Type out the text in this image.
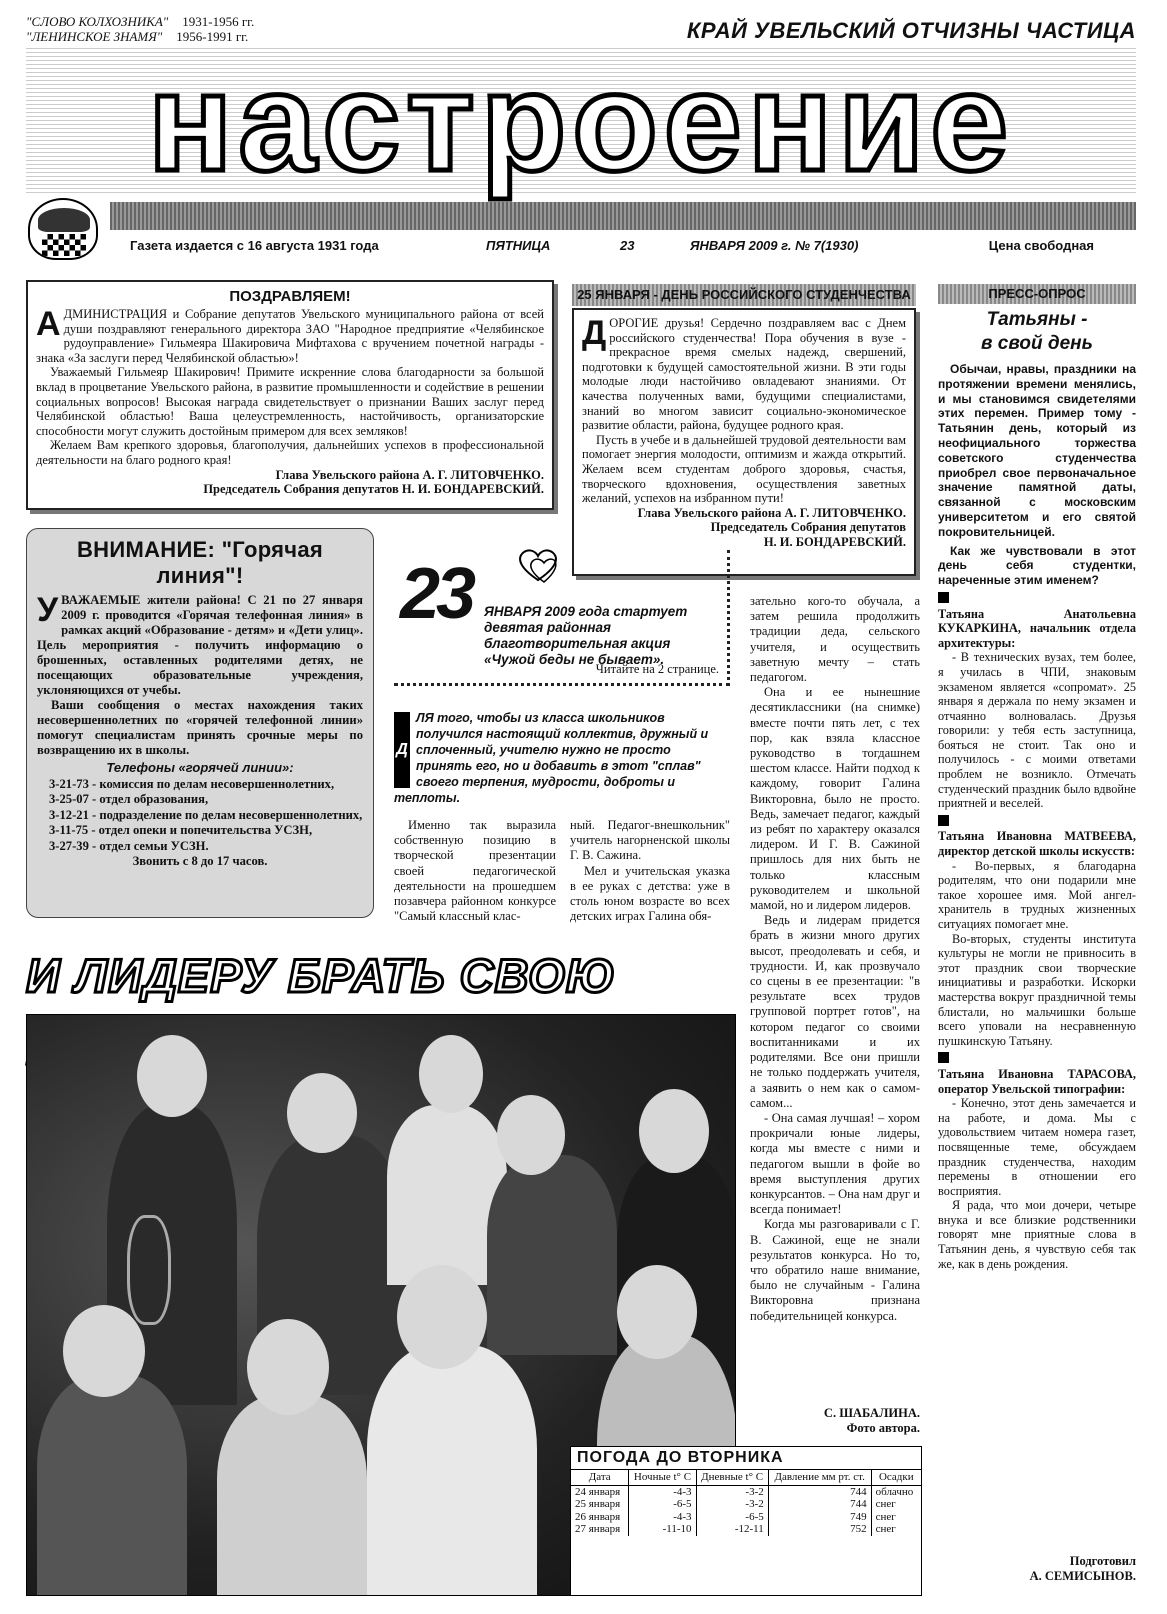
"СЛОВО КОЛХОЗНИКА" 1931-1956 гг.
"ЛЕНИНСКОЕ ЗНАМЯ" 1956-1991 гг.	КРАЙ УВЕЛЬСКИЙ ОТЧИЗНЫ ЧАСТИЦА
настроение
Газета издается с 16 августа 1931 года	ПЯТНИЦА	23	ЯНВАРЯ 2009 г. № 7(1930)	Цена свободная
ПОЗДРАВЛЯЕМ!

АДМИНИСТРАЦИЯ и Собрание депутатов Увельского муниципального района от всей души поздравляют генерального директора ЗАО "Народное предприятие «Челябинское рудоуправление» Гильмеяра Шакировича Мифтахова с вручением почетной награды - знака «За заслуги перед Челябинской областью»!

Уважаемый Гильмеяр Шакирович! Примите искренние слова благодарности за большой вклад в процветание Увельского района, в развитие промышленности и содействие в решении социальных вопросов! Высокая награда свидетельствует о признании Ваших заслуг перед Челябинской областью! Ваша целеустремленность, настойчивость, организаторские способности могут служить достойным примером для всех земляков!

Желаем Вам крепкого здоровья, благополучия, дальнейших успехов в профессиональной деятельности на благо родного края!

Глава Увельского района А. Г. ЛИТОВЧЕНКО.

Председатель Собрания депутатов Н. И. БОНДАРЕВСКИЙ.

25 ЯНВАРЯ - ДЕНЬ РОССИЙСКОГО СТУДЕНЧЕСТВА

ДОРОГИЕ друзья! Сердечно поздравляем вас с Днем российского студенчества! Пора обучения в вузе - прекрасное время смелых надежд, свершений, подготовки к будущей самостоятельной жизни. В эти годы молодые люди настойчиво овладевают знаниями. От качества полученных вами, будущими специалистами, знаний во многом зависит социально-экономическое развитие области, района, будущее родного края.

Пусть в учебе и в дальнейшей трудовой деятельности вам помогает энергия молодости, оптимизм и жажда открытий. Желаем всем студентам доброго здоровья, счастья, творческого вдохновения, осуществления заветных желаний, успехов на избранном пути!

Глава Увельского района А. Г. ЛИТОВЧЕНКО.

Председатель Собрания депутатов

Н. И. БОНДАРЕВСКИЙ.

ПРЕСС-ОПРОС
Татьяны -
в свой день
Обычаи, нравы, праздники на протяжении времени менялись, и мы становимся свидетелями этих перемен. Пример тому - Татьянин день, который из неофициального торжества советского студенчества приобрел свое первоначальное значение памятной даты, связанной с московским университетом и его святой покровительницей.
Как же чувствовали в этот день себя студентки, нареченные этим именем?

Татьяна Анатольевна КУКАРКИНА, начальник отдела архитектуры:

- В технических вузах, тем более, я училась в ЧПИ, знаковым экзаменом является «сопромат». 25 января я держала по нему экзамен и отчаянно волновалась. Друзья говорили: у тебя есть заступница, бояться не стоит. Так оно и получилось - с моими ответами проблем не возникло. Отмечать студенческий праздник было вдвойне приятней и веселей.

Татьяна Ивановна МАТВЕЕВА, директор детской школы искусств:

- Во-первых, я благодарна родителям, что они подарили мне такое хорошее имя. Мой ангел-хранитель в трудных жизненных ситуациях помогает мне.

Во-вторых, студенты института культуры не могли не привносить в этот праздник свои творческие инициативы и разработки. Искорки мастерства вокруг праздничной темы блистали, но мальчишки больше всего уповали на несравненную пушкинскую Татьяну.

Татьяна Ивановна ТАРАСОВА, оператор Увельской типографии:

- Конечно, этот день замечается и на работе, и дома. Мы с удовольствием читаем номера газет, посвященные теме, обсуждаем праздник студенчества, находим перемены в отношении его восприятия.

Я рада, что мои дочери, четыре внука и все близкие родственники говорят мне приятные слова в Татьянин день, я чувствую себя так же, как в день рождения.

Подготовил
А. СЕМИСЫНОВ.
ВНИМАНИЕ: "Горячая линия"!

УВАЖАЕМЫЕ жители района! С 21 по 27 января 2009 г. проводится «Горячая телефонная линия» в рамках акций «Образование - детям» и «Дети улиц». Цель мероприятия - получить информацию о брошенных, оставленных родителями детях, не посещающих образовательные учреждения, уклоняющихся от учебы.

Ваши сообщения о местах нахождения таких несовершеннолетних по «горячей телефонной линии» помогут специалистам принять срочные меры по возвращению их в школы.

Телефоны «горячей линии»:
3-21-73 - комиссия по делам несовершеннолетних,
3-25-07 - отдел образования,
3-12-21 - подразделение по делам несовершеннолетних,
3-11-75 - отдел опеки и попечительства УСЗН,
3-27-39 - отдел семьи УСЗН.
Звонить с 8 до 17 часов.
23 ЯНВАРЯ 2009 года стартует девятая районная благотворительная акция «Чужой беды не бывает».
Читайте на 2 странице.
Д
ЛЯ того, чтобы из класса школьников получился настоящий коллектив, дружный и сплоченный, учителю нужно не просто принять его, но и добавить в этот "сплав" своего терпения, мудрости, доброты и теплоты.

Именно так выразила собственную позицию в творческой презентации своей педагогической деятельности на прошедшем позавчера районном конкурсе "Самый классный клас-

ный. Педагог-внешкольник" учитель нагорненской школы Г. В. Сажина.

Мел и учительская указка в ее руках с детства: уже в столь юном возрасте во всех детских играх Галина обя-

зательно кого-то обучала, а затем решила продолжить традиции деда, сельского учителя, и осуществить заветную мечту – стать педагогом.

Она и ее нынешние десятиклассники (на снимке) вместе почти пять лет, с тех пор, как взяла классное руководство в тогдашнем шестом классе. Найти подход к каждому, говорит Галина Викторовна, было не просто. Ведь, замечает педагог, каждый из ребят по характеру оказался лидером. И Г. В. Сажиной пришлось для них быть не только классным руководителем и школьной мамой, но и лидером лидеров.

Ведь и лидерам придется брать в жизни много других высот, преодолевать и себя, и трудности. И, как прозвучало со сцены в ее презентации: "в результате всех трудов групповой портрет готов", на котором педагог со своими воспитанниками и их родителями. Все они пришли не только поддержать учителя, а заявить о нем как о самом-самом...

- Она самая лучшая! – хором прокричали юные лидеры, когда мы вместе с ними и педагогом вышли в фойе во время выступления других конкурсантов. – Она нам друг и всегда понимает!

Когда мы разговаривали с Г. В. Сажиной, еще не знали результатов конкурса. Но то, что обратило наше внимание, было не случайным - Галина Викторовна признана победительницей конкурса.

С. ШАБАЛИНА.
Фото автора.
И ЛИДЕРУ БРАТЬ СВОЮ
ПОГОДА ДО ВТОРНИКА
Дата	Ночные t° C	Дневные t° C	Давление мм рт. ст.	Осадки
24 января	-4-3	-3-2	744	облачно
25 января	-6-5	-3-2	744	снег
26 января	-4-3	-6-5	749	снег
27 января	-11-10	-12-11	752	снег
